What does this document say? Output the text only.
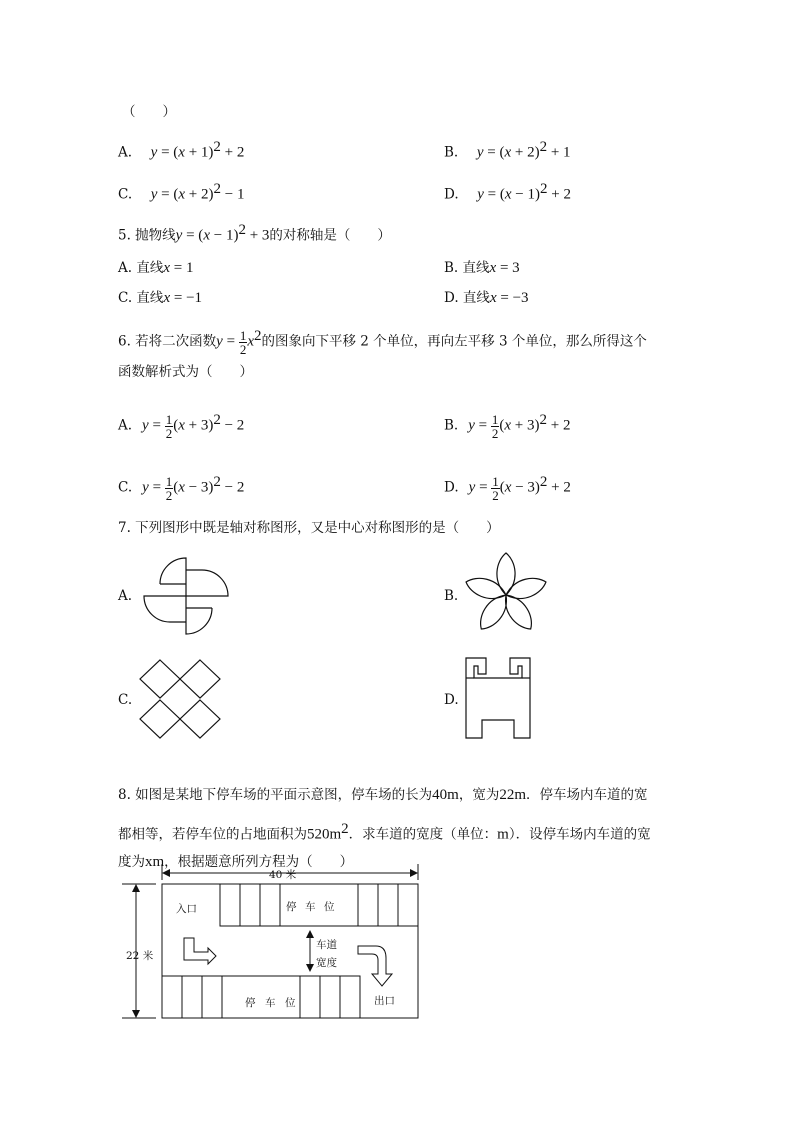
（　　）
A. $y = (x + 1)^2 + 2$	B. $y = (x + 2)^2 + 1$
C. $y = (x + 2)^2 - 1$	D. $y = (x - 1)^2 + 2$
5. 抛物线$y = (x - 1)^2 + 3$的对称轴是（　　）
A. 直线x = 1	B. 直线x = 3
C. 直线x = −1	D. 直线x = −3
6. 若将二次函数$y = \frac{1}{2} x^2$的图象向下平移 2 个单位，再向左平移 3 个单位，那么所得这个
函数解析式为（　　）
A. $y = \frac{1}{2} (x + 3)^2 - 2$	B. $y = \frac{1}{2} (x + 3)^2 + 2$
C. $y = \frac{1}{2} (x - 3)^2 - 2$	D. $y = \frac{1}{2} (x - 3)^2 + 2$
7. 下列图形中既是轴对称图形，又是中心对称图形的是（　　）
A.	B.
C.	D.
8. 如图是某地下停车场的平面示意图，停车场的长为40m，宽为22m．停车场内车道的宽
都相等，若停车位的占地面积为$520m^2$．求车道的宽度（单位：m）．设停车场内车道的宽
度为xm，根据题意所列方程为（　　）
40 米
22 米
入口
出口
车道
宽度
停 车 位
停 车 位
